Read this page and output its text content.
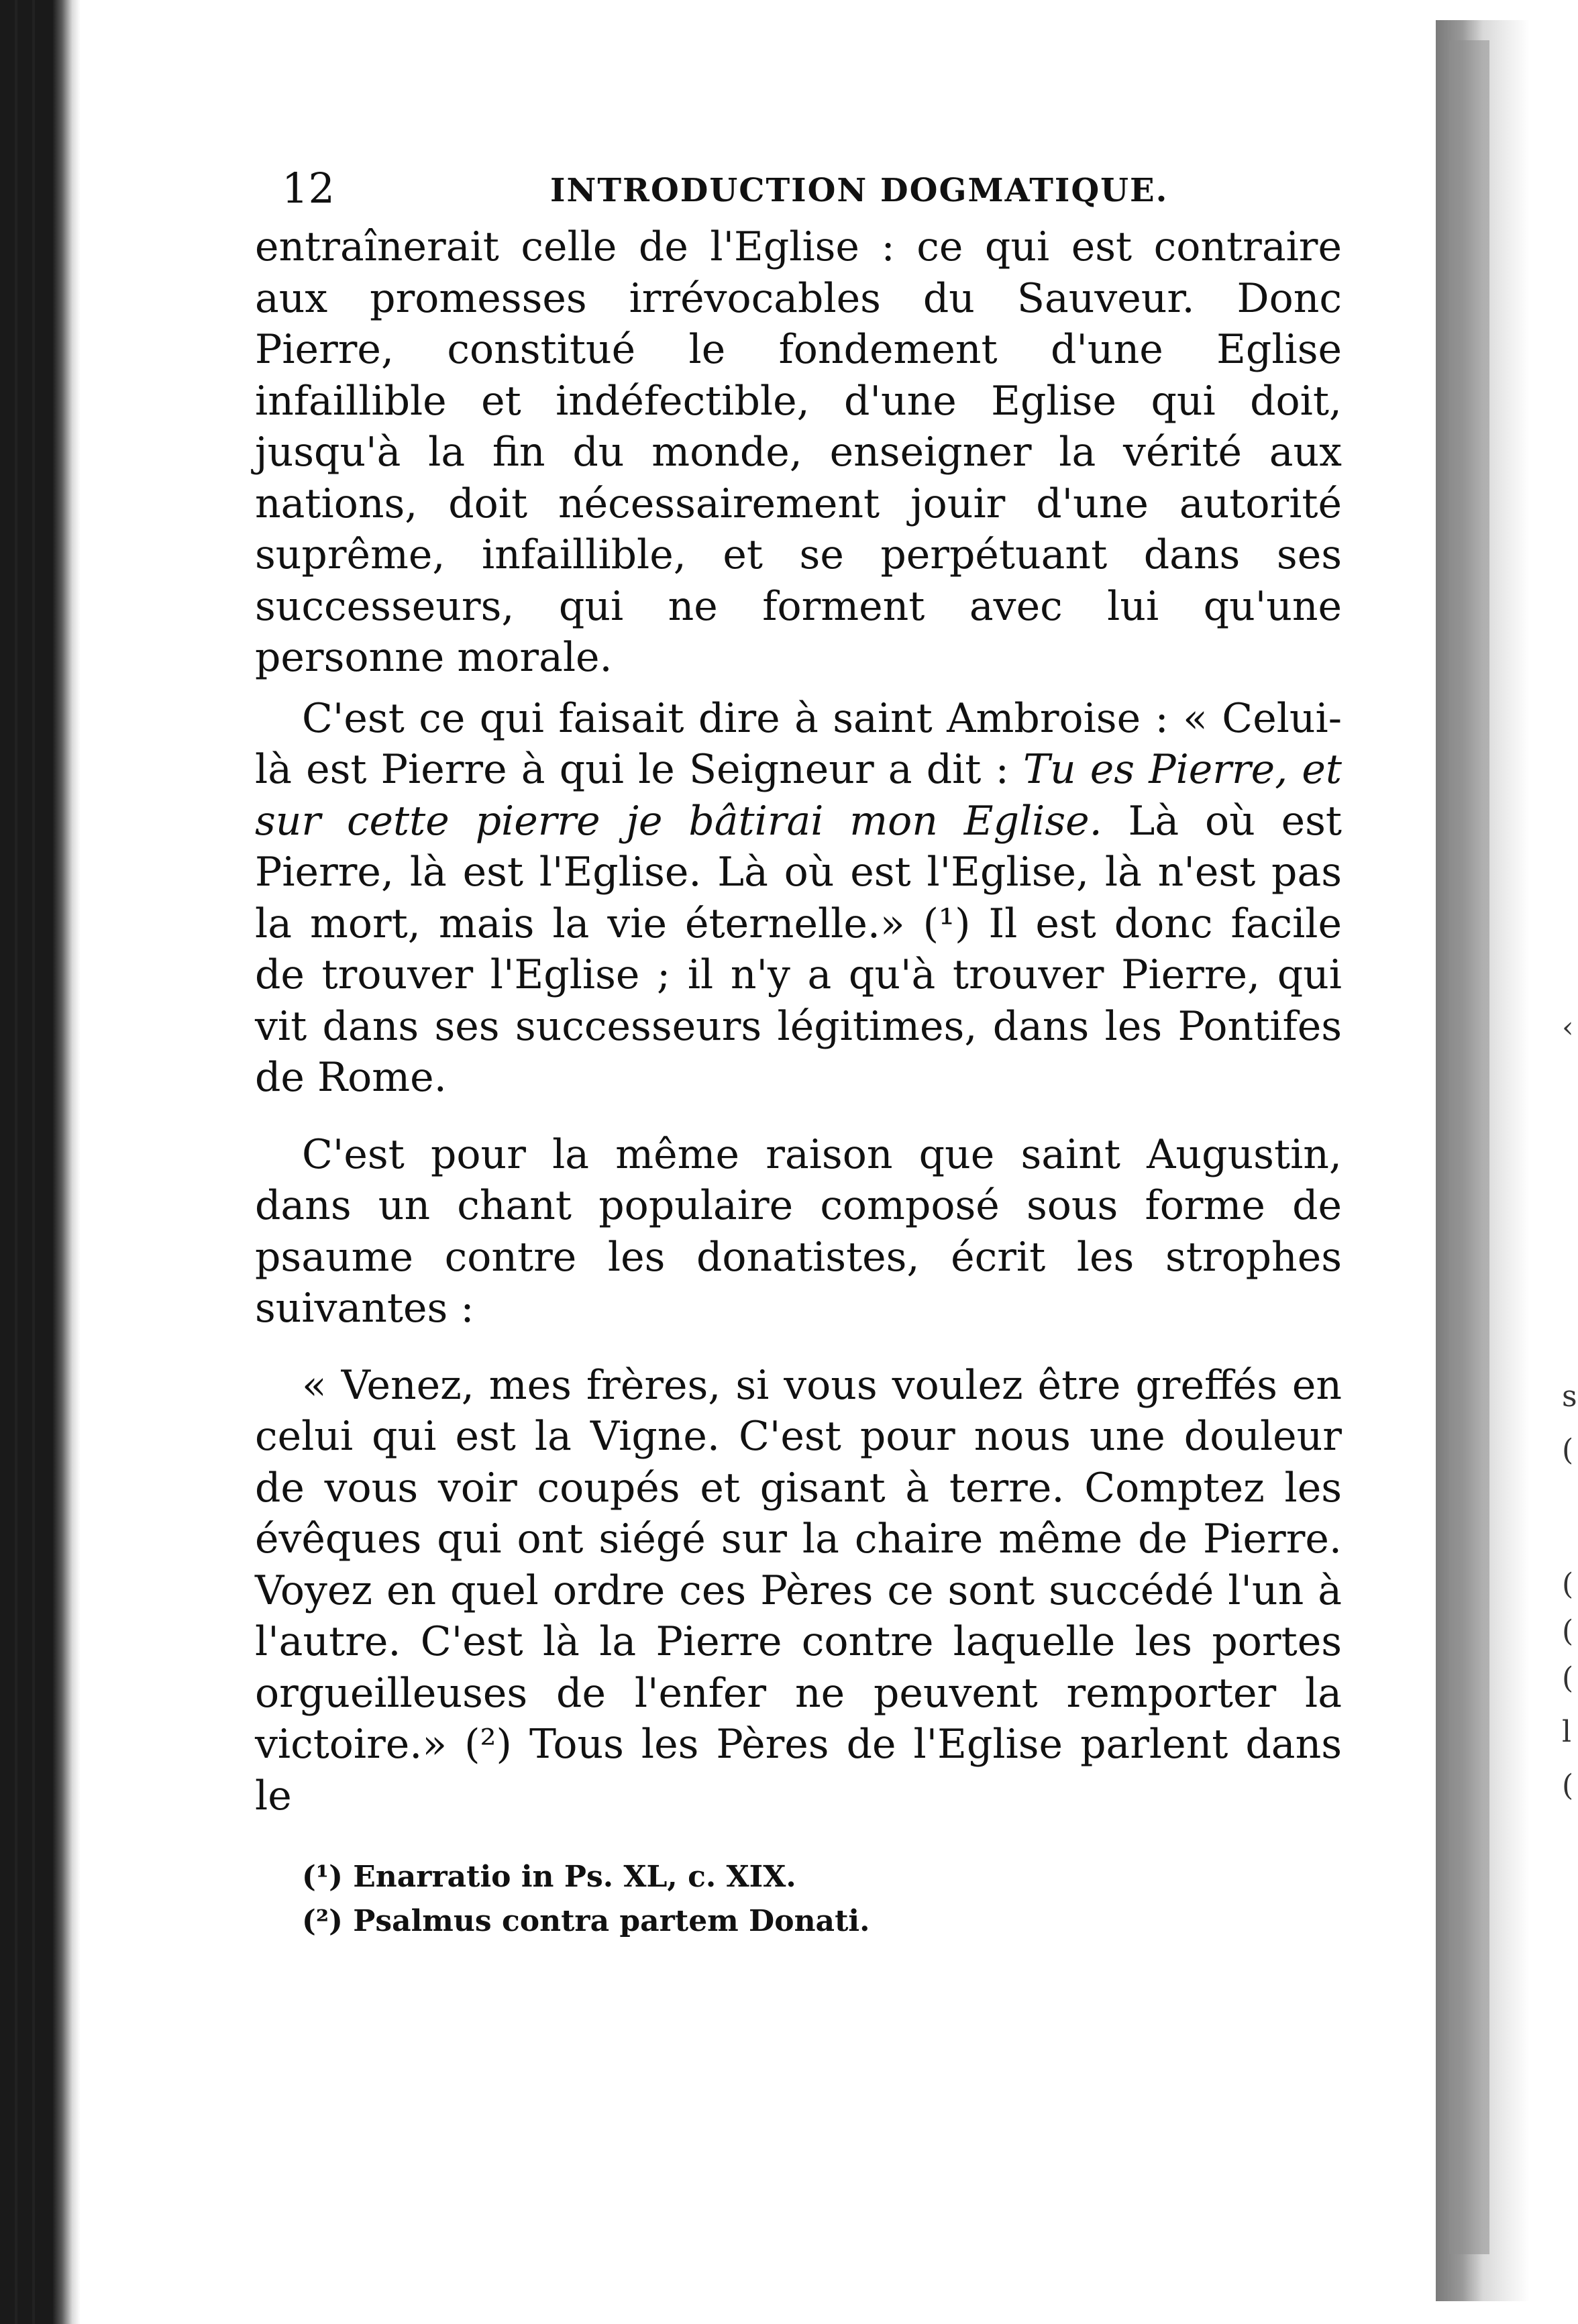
‹
s
(
(
(
(
l
(
12	INTRODUCTION DOGMATIQUE.

entraînerait celle de l'Eglise : ce qui est contraire aux promesses irrévocables du Sauveur. Donc Pierre, constitué le fondement d'une Eglise infaillible et indéfectible, d'une Eglise qui doit, jusqu'à la fin du monde, enseigner la vérité aux nations, doit nécessairement jouir d'une autorité suprême, infaillible, et se perpétuant dans ses successeurs, qui ne forment avec lui qu'une personne morale.

C'est ce qui faisait dire à saint Ambroise : « Celui-là est Pierre à qui le Seigneur a dit : Tu es Pierre, et sur cette pierre je bâtirai mon Eglise. Là où est Pierre, là est l'Eglise. Là où est l'Eglise, là n'est pas la mort, mais la vie éternelle.» (¹) Il est donc facile de trouver l'Eglise ; il n'y a qu'à trouver Pierre, qui vit dans ses successeurs légitimes, dans les Pontifes de Rome.

C'est pour la même raison que saint Augustin, dans un chant populaire composé sous forme de psaume contre les donatistes, écrit les strophes suivantes :

« Venez, mes frères, si vous voulez être greffés en celui qui est la Vigne. C'est pour nous une douleur de vous voir coupés et gisant à terre. Comptez les évêques qui ont siégé sur la chaire même de Pierre. Voyez en quel ordre ces Pères ce sont succédé l'un à l'autre. C'est là la Pierre contre laquelle les portes orgueilleuses de l'enfer ne peuvent remporter la victoire.» (²) Tous les Pères de l'Eglise parlent dans le

(¹) Enarratio in Ps. XL, c. XIX.

(²) Psalmus contra partem Donati.
